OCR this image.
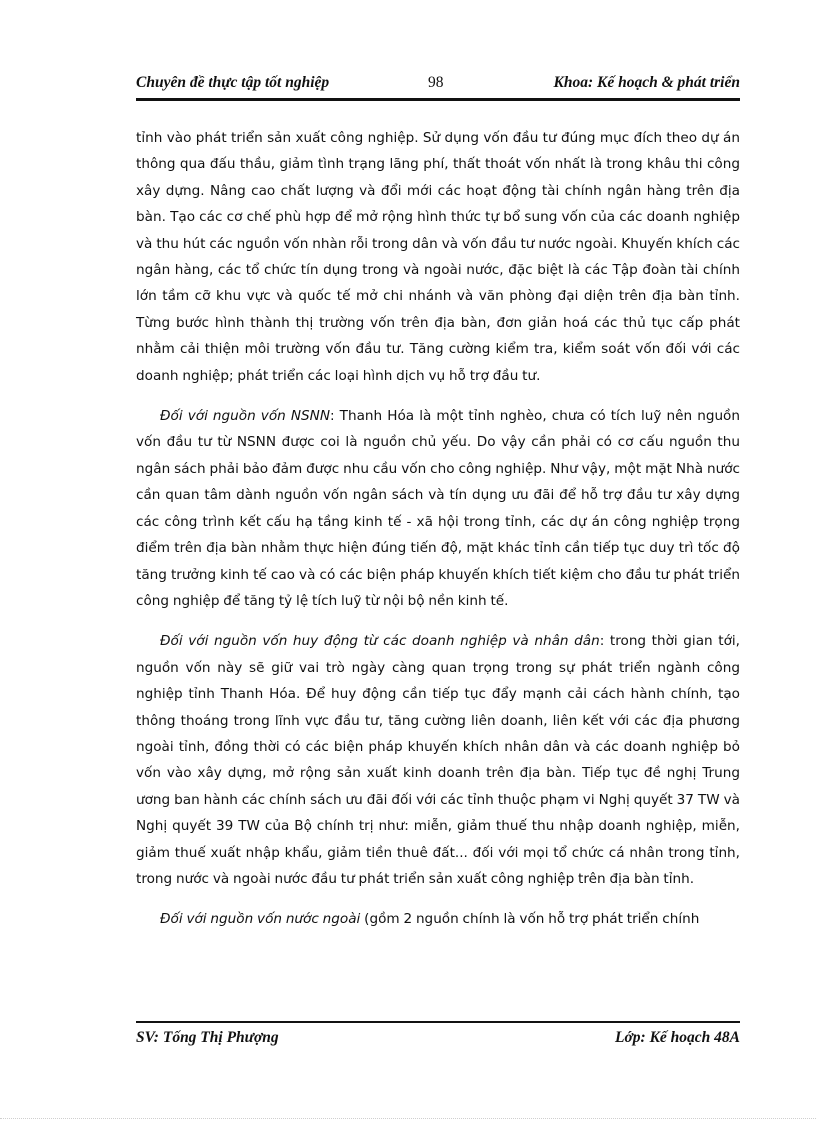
Chuyên đề thực tập tốt nghiệp	98	Khoa: Kế hoạch & phát triển

tỉnh vào phát triển sản xuất công nghiệp. Sử dụng vốn đầu tư đúng mục đích theo dự án thông qua đấu thầu, giảm tình trạng lãng phí, thất thoát vốn nhất là trong khâu thi công xây dựng. Nâng cao chất lượng và đổi mới các hoạt động tài chính ngân hàng trên địa bàn. Tạo các cơ chế phù hợp để mở rộng hình thức tự bổ sung vốn của các doanh nghiệp và thu hút các nguồn vốn nhàn rỗi trong dân và vốn đầu tư nước ngoài. Khuyến khích các ngân hàng, các tổ chức tín dụng trong và ngoài nước, đặc biệt là các Tập đoàn tài chính lớn tầm cỡ khu vực và quốc tế mở chi nhánh và văn phòng đại diện trên địa bàn tỉnh. Từng bước hình thành thị trường vốn trên địa bàn, đơn giản hoá các thủ tục cấp phát nhằm cải thiện môi trường vốn đầu tư. Tăng cường kiểm tra, kiểm soát vốn đối với các doanh nghiệp; phát triển các loại hình dịch vụ hỗ trợ đầu tư.

Đối với nguồn vốn NSNN: Thanh Hóa là một tỉnh nghèo, chưa có tích luỹ nên nguồn vốn đầu tư từ NSNN được coi là nguồn chủ yếu. Do vậy cần phải có cơ cấu nguồn thu ngân sách phải bảo đảm được nhu cầu vốn cho công nghiệp. Như vậy, một mặt Nhà nước cần quan tâm dành nguồn vốn ngân sách và tín dụng ưu đãi để hỗ trợ đầu tư xây dựng các công trình kết cấu hạ tầng kinh tế - xã hội trong tỉnh, các dự án công nghiệp trọng điểm trên địa bàn nhằm thực hiện đúng tiến độ, mặt khác tỉnh cần tiếp tục duy trì tốc độ tăng trưởng kinh tế cao và có các biện pháp khuyến khích tiết kiệm cho đầu tư phát triển công nghiệp để tăng tỷ lệ tích luỹ từ nội bộ nền kinh tế.

Đối với nguồn vốn huy động từ các doanh nghiệp và nhân dân: trong thời gian tới, nguồn vốn này sẽ giữ vai trò ngày càng quan trọng trong sự phát triển ngành công nghiệp tỉnh Thanh Hóa. Để huy động cần tiếp tục đẩy mạnh cải cách hành chính, tạo thông thoáng trong lĩnh vực đầu tư, tăng cường liên doanh, liên kết với các địa phương ngoài tỉnh, đồng thời có các biện pháp khuyến khích nhân dân và các doanh nghiệp bỏ vốn vào xây dựng, mở rộng sản xuất kinh doanh trên địa bàn. Tiếp tục đề nghị Trung ương ban hành các chính sách ưu đãi đối với các tỉnh thuộc phạm vi Nghị quyết 37 TW và Nghị quyết 39 TW của Bộ chính trị như: miễn, giảm thuế thu nhập doanh nghiệp, miễn, giảm thuế xuất nhập khẩu, giảm tiền thuê đất... đối với mọi tổ chức cá nhân trong tỉnh, trong nước và ngoài nước đầu tư phát triển sản xuất công nghiệp trên địa bàn tỉnh.

Đối với nguồn vốn nước ngoài (gồm 2 nguồn chính là vốn hỗ trợ phát triển chính

SV: Tống Thị Phượng	Lớp: Kế hoạch 48A
